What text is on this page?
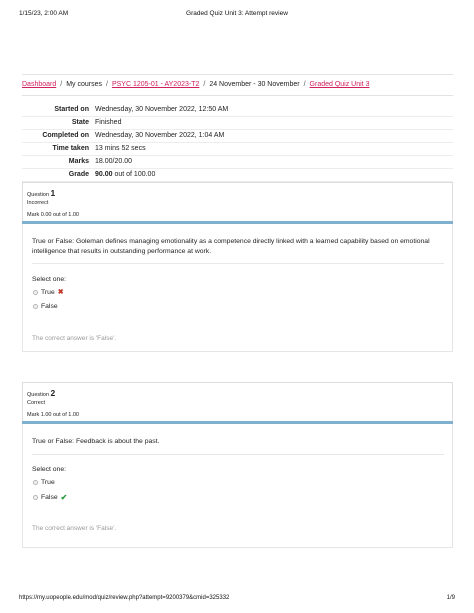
1/15/23, 2:00 AM	Graded Quiz Unit 3: Attempt review
Dashboard / My courses / PSYC 1205-01 - AY2023-T2 / 24 November - 30 November / Graded Quiz Unit 3
Started on Wednesday, 30 November 2022, 12:50 AM
State Finished
Completed on Wednesday, 30 November 2022, 1:04 AM
Time taken 13 mins 52 secs
Marks 18.00/20.00
Grade 90.00 out of 100.00
Question 1
Incorrect
Mark 0.00 out of 1.00
True or False: Goleman defines managing emotionality as a competence directly linked with a learned capability based on emotional intelligence that results in outstanding performance at work.
Select one:
True ✖
False
The correct answer is 'False'.
Question 2
Correct
Mark 1.00 out of 1.00
True or False: Feedback is about the past.
Select one:
True
False ✔
The correct answer is 'False'.
https://my.uopeople.edu/mod/quiz/review.php?attempt=9200379&cmid=325332	1/9
